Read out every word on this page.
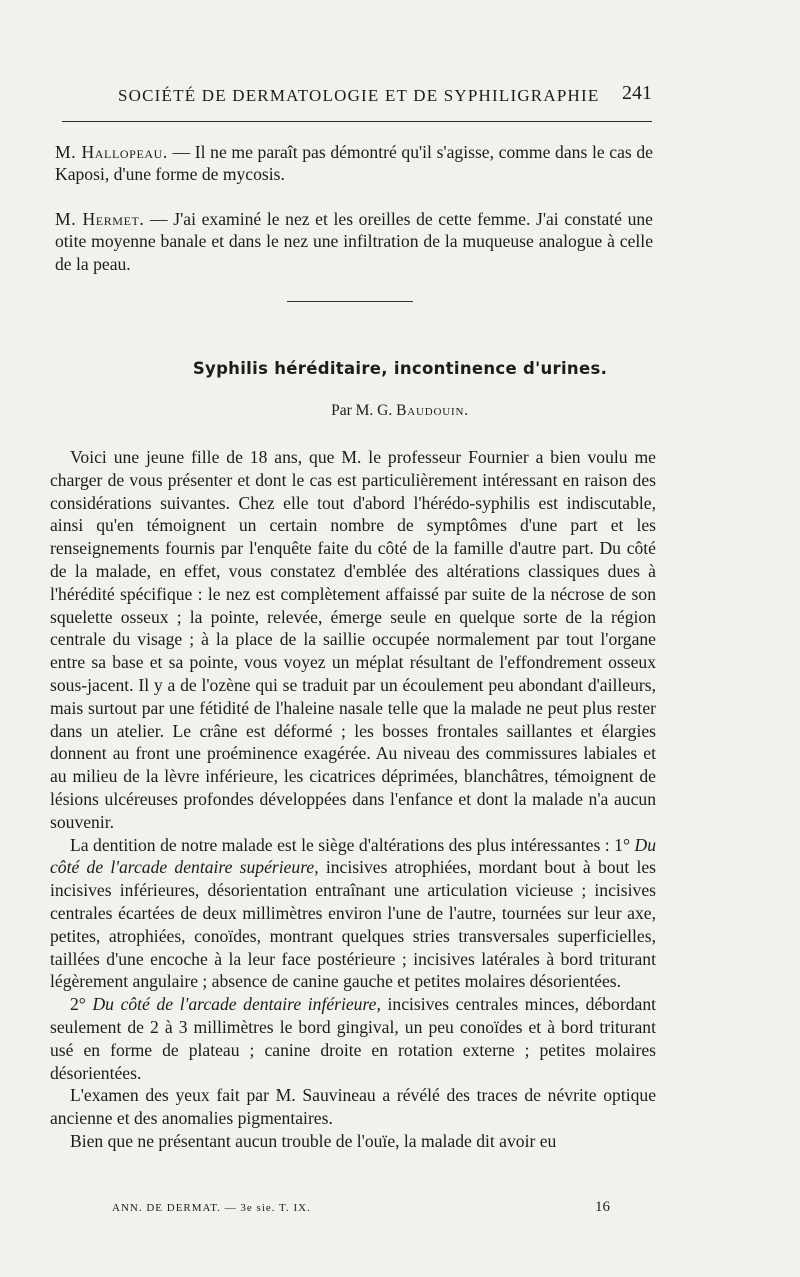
SOCIÉTÉ DE DERMATOLOGIE ET DE SYPHILIGRAPHIE 241

M. Hallopeau. — Il ne me paraît pas démontré qu'il s'agisse, comme dans le cas de Kaposi, d'une forme de mycosis.

M. Hermet. — J'ai examiné le nez et les oreilles de cette femme. J'ai constaté une otite moyenne banale et dans le nez une infiltration de la muqueuse analogue à celle de la peau.

Syphilis héréditaire, incontinence d'urines.
Par M. G. Baudouin.

Voici une jeune fille de 18 ans, que M. le professeur Fournier a bien voulu me charger de vous présenter et dont le cas est particulièrement intéressant en raison des considérations suivantes. Chez elle tout d'abord l'hérédo-syphilis est indiscutable, ainsi qu'en témoignent un certain nombre de symptômes d'une part et les renseignements fournis par l'enquête faite du côté de la famille d'autre part. Du côté de la malade, en effet, vous constatez d'emblée des altérations classiques dues à l'hérédité spécifique : le nez est complètement affaissé par suite de la nécrose de son squelette osseux ; la pointe, relevée, émerge seule en quelque sorte de la région centrale du visage ; à la place de la saillie occupée normalement par tout l'organe entre sa base et sa pointe, vous voyez un méplat résultant de l'effondrement osseux sous-jacent. Il y a de l'ozène qui se traduit par un écoulement peu abondant d'ailleurs, mais surtout par une fétidité de l'haleine nasale telle que la malade ne peut plus rester dans un atelier. Le crâne est déformé ; les bosses frontales saillantes et élargies donnent au front une proéminence exagérée. Au niveau des commissures labiales et au milieu de la lèvre inférieure, les cicatrices déprimées, blanchâtres, témoignent de lésions ulcéreuses profondes développées dans l'enfance et dont la malade n'a aucun souvenir.

La dentition de notre malade est le siège d'altérations des plus intéressantes : 1° Du côté de l'arcade dentaire supérieure, incisives atrophiées, mordant bout à bout les incisives inférieures, désorientation entraînant une articulation vicieuse ; incisives centrales écartées de deux millimètres environ l'une de l'autre, tournées sur leur axe, petites, atrophiées, conoïdes, montrant quelques stries transversales superficielles, taillées d'une encoche à la leur face postérieure ; incisives latérales à bord triturant légèrement angulaire ; absence de canine gauche et petites molaires désorientées.

2° Du côté de l'arcade dentaire inférieure, incisives centrales minces, débordant seulement de 2 à 3 millimètres le bord gingival, un peu conoïdes et à bord triturant usé en forme de plateau ; canine droite en rotation externe ; petites molaires désorientées.

L'examen des yeux fait par M. Sauvineau a révélé des traces de névrite optique ancienne et des anomalies pigmentaires.

Bien que ne présentant aucun trouble de l'ouïe, la malade dit avoir eu

ANN. DE DERMAT. — 3e sie. T. IX.	16
